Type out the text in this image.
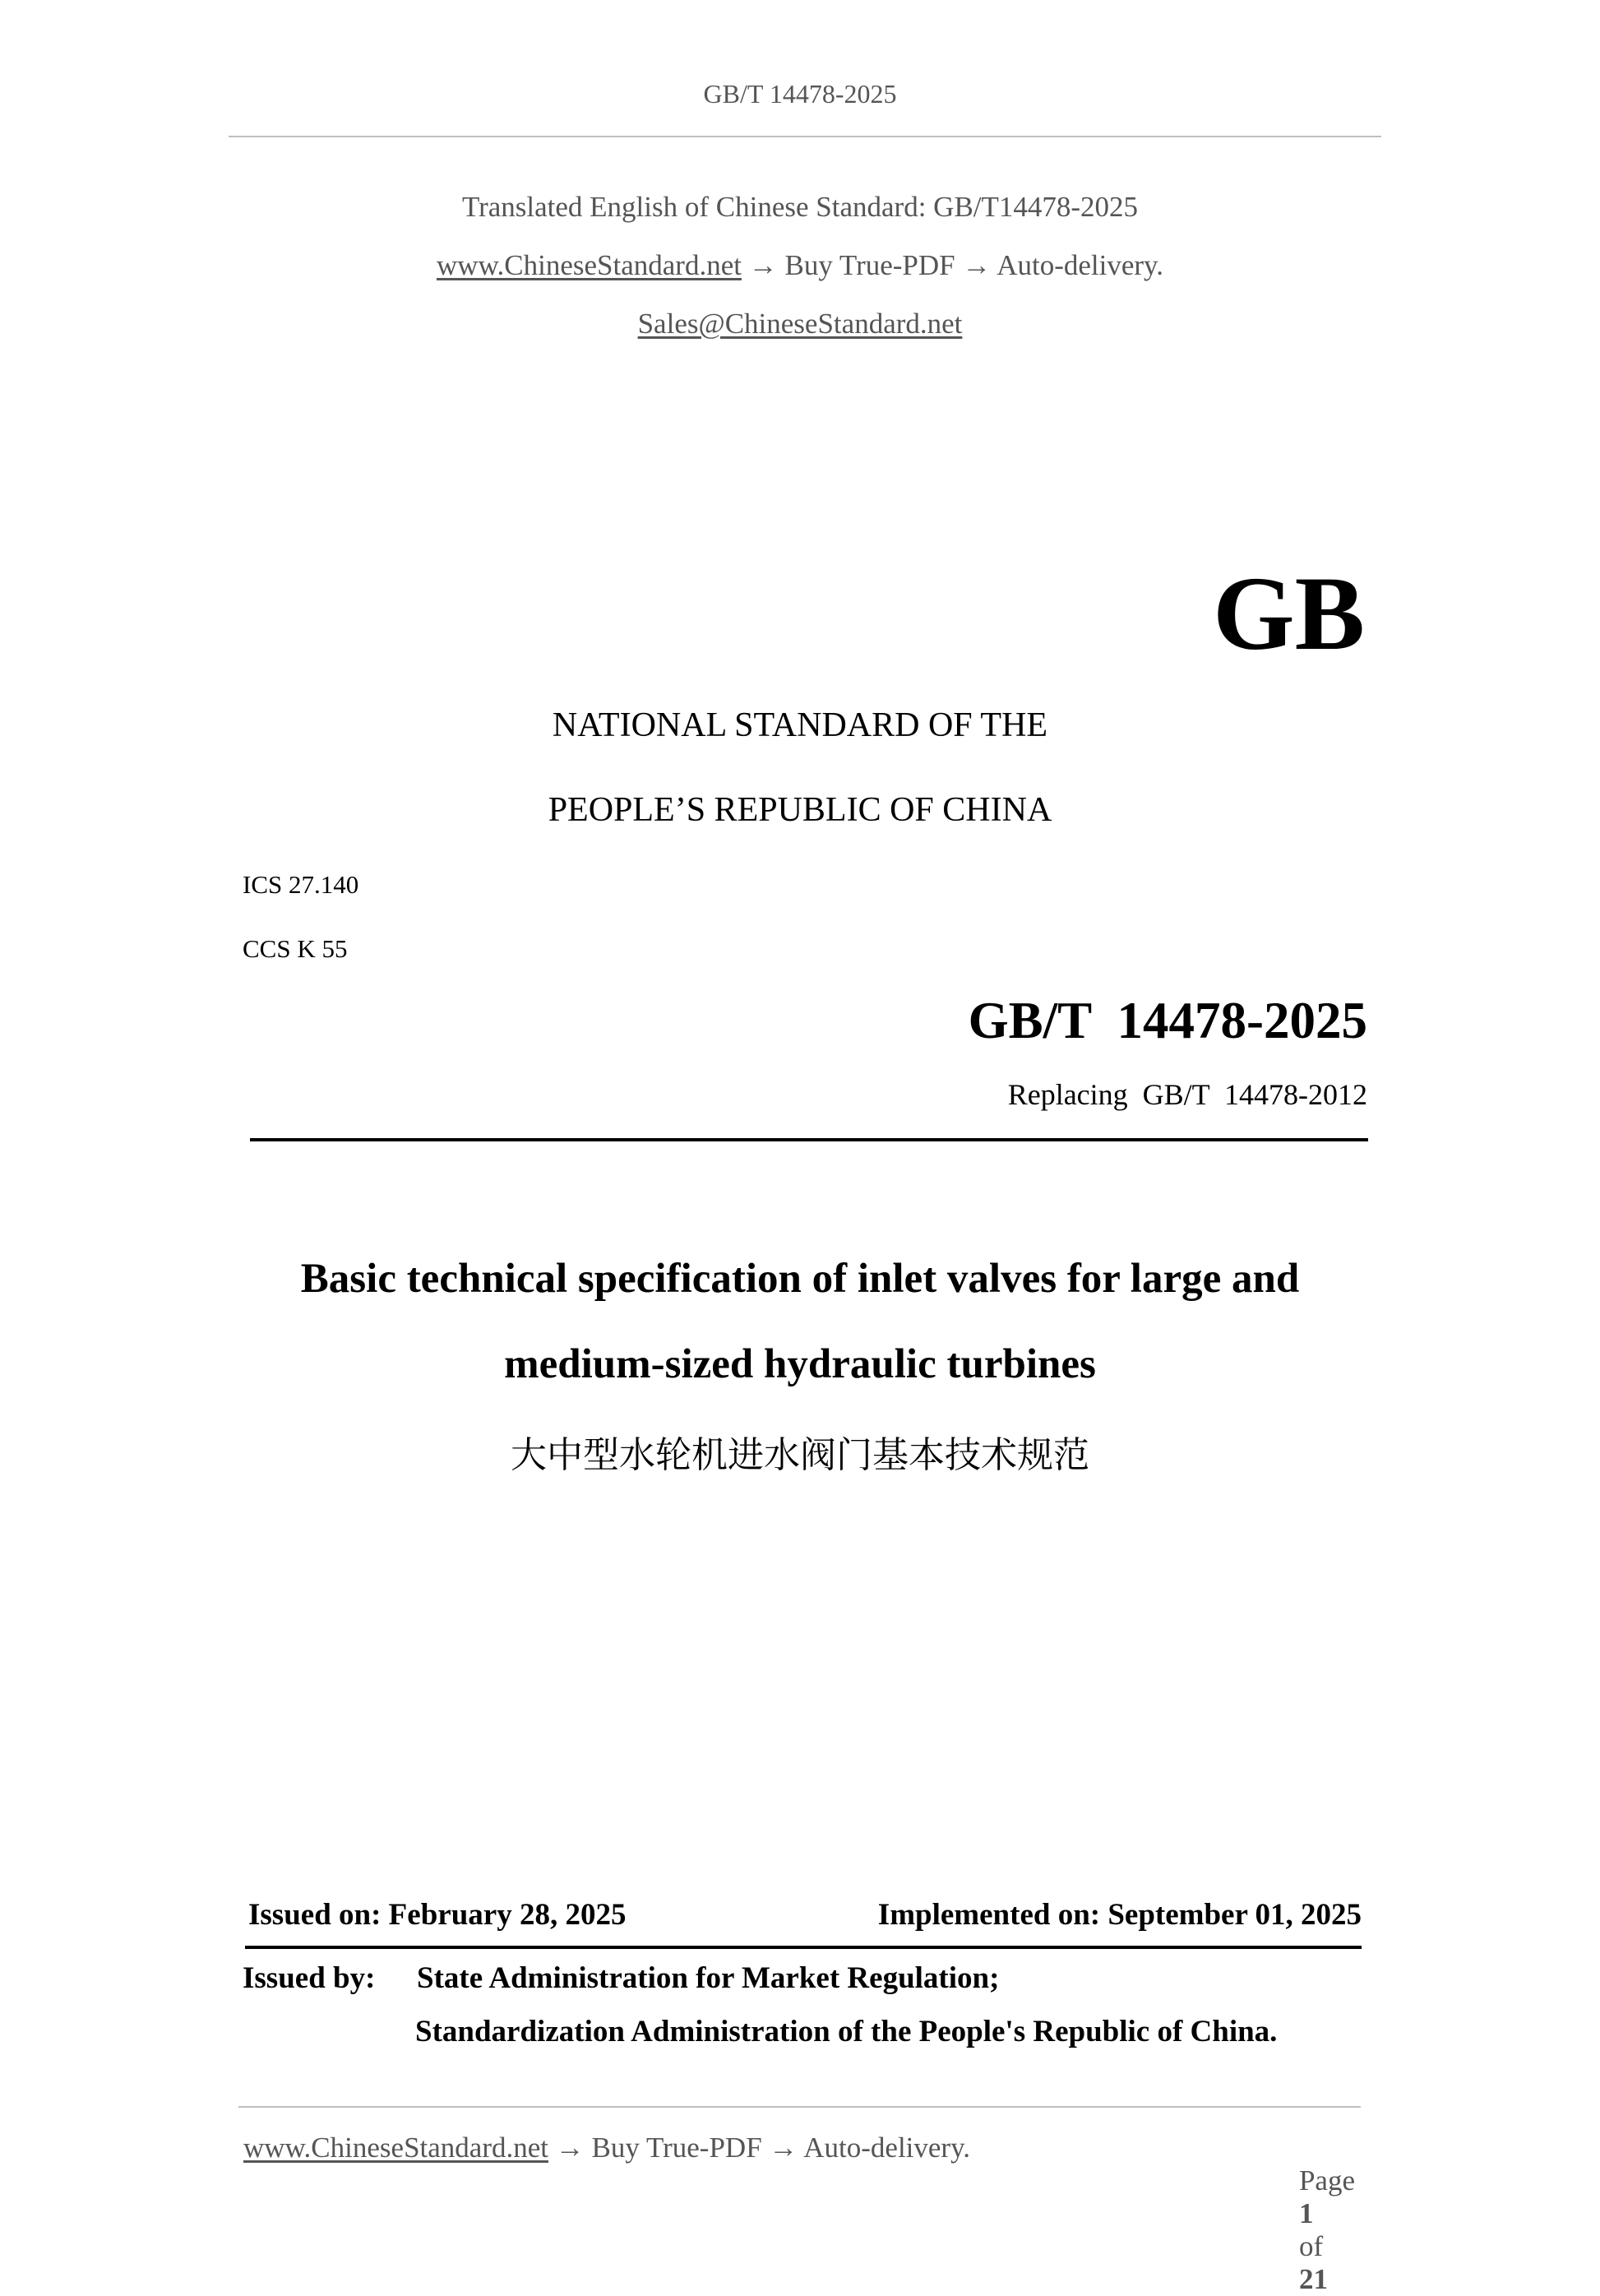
GB/T 14478-2025
Translated English of Chinese Standard: GB/T14478-2025
www.ChineseStandard.net → Buy True-PDF → Auto-delivery.
Sales@ChineseStandard.net
GB
NATIONAL STANDARD OF THE
PEOPLE’S REPUBLIC OF CHINA
ICS 27.140
CCS K 55
GB/T  14478-2025
Replacing  GB/T  14478-2012
Basic technical specification of inlet valves for large and
medium-sized hydraulic turbines
大中型水轮机进水阀门基本技术规范
Issued on: February 28, 2025	Implemented on: September 01, 2025
Issued by: State Administration for Market Regulation;
Standardization Administration of the People's Republic of China.
www.ChineseStandard.net → Buy True-PDF → Auto-delivery.

Page
1
of
21
